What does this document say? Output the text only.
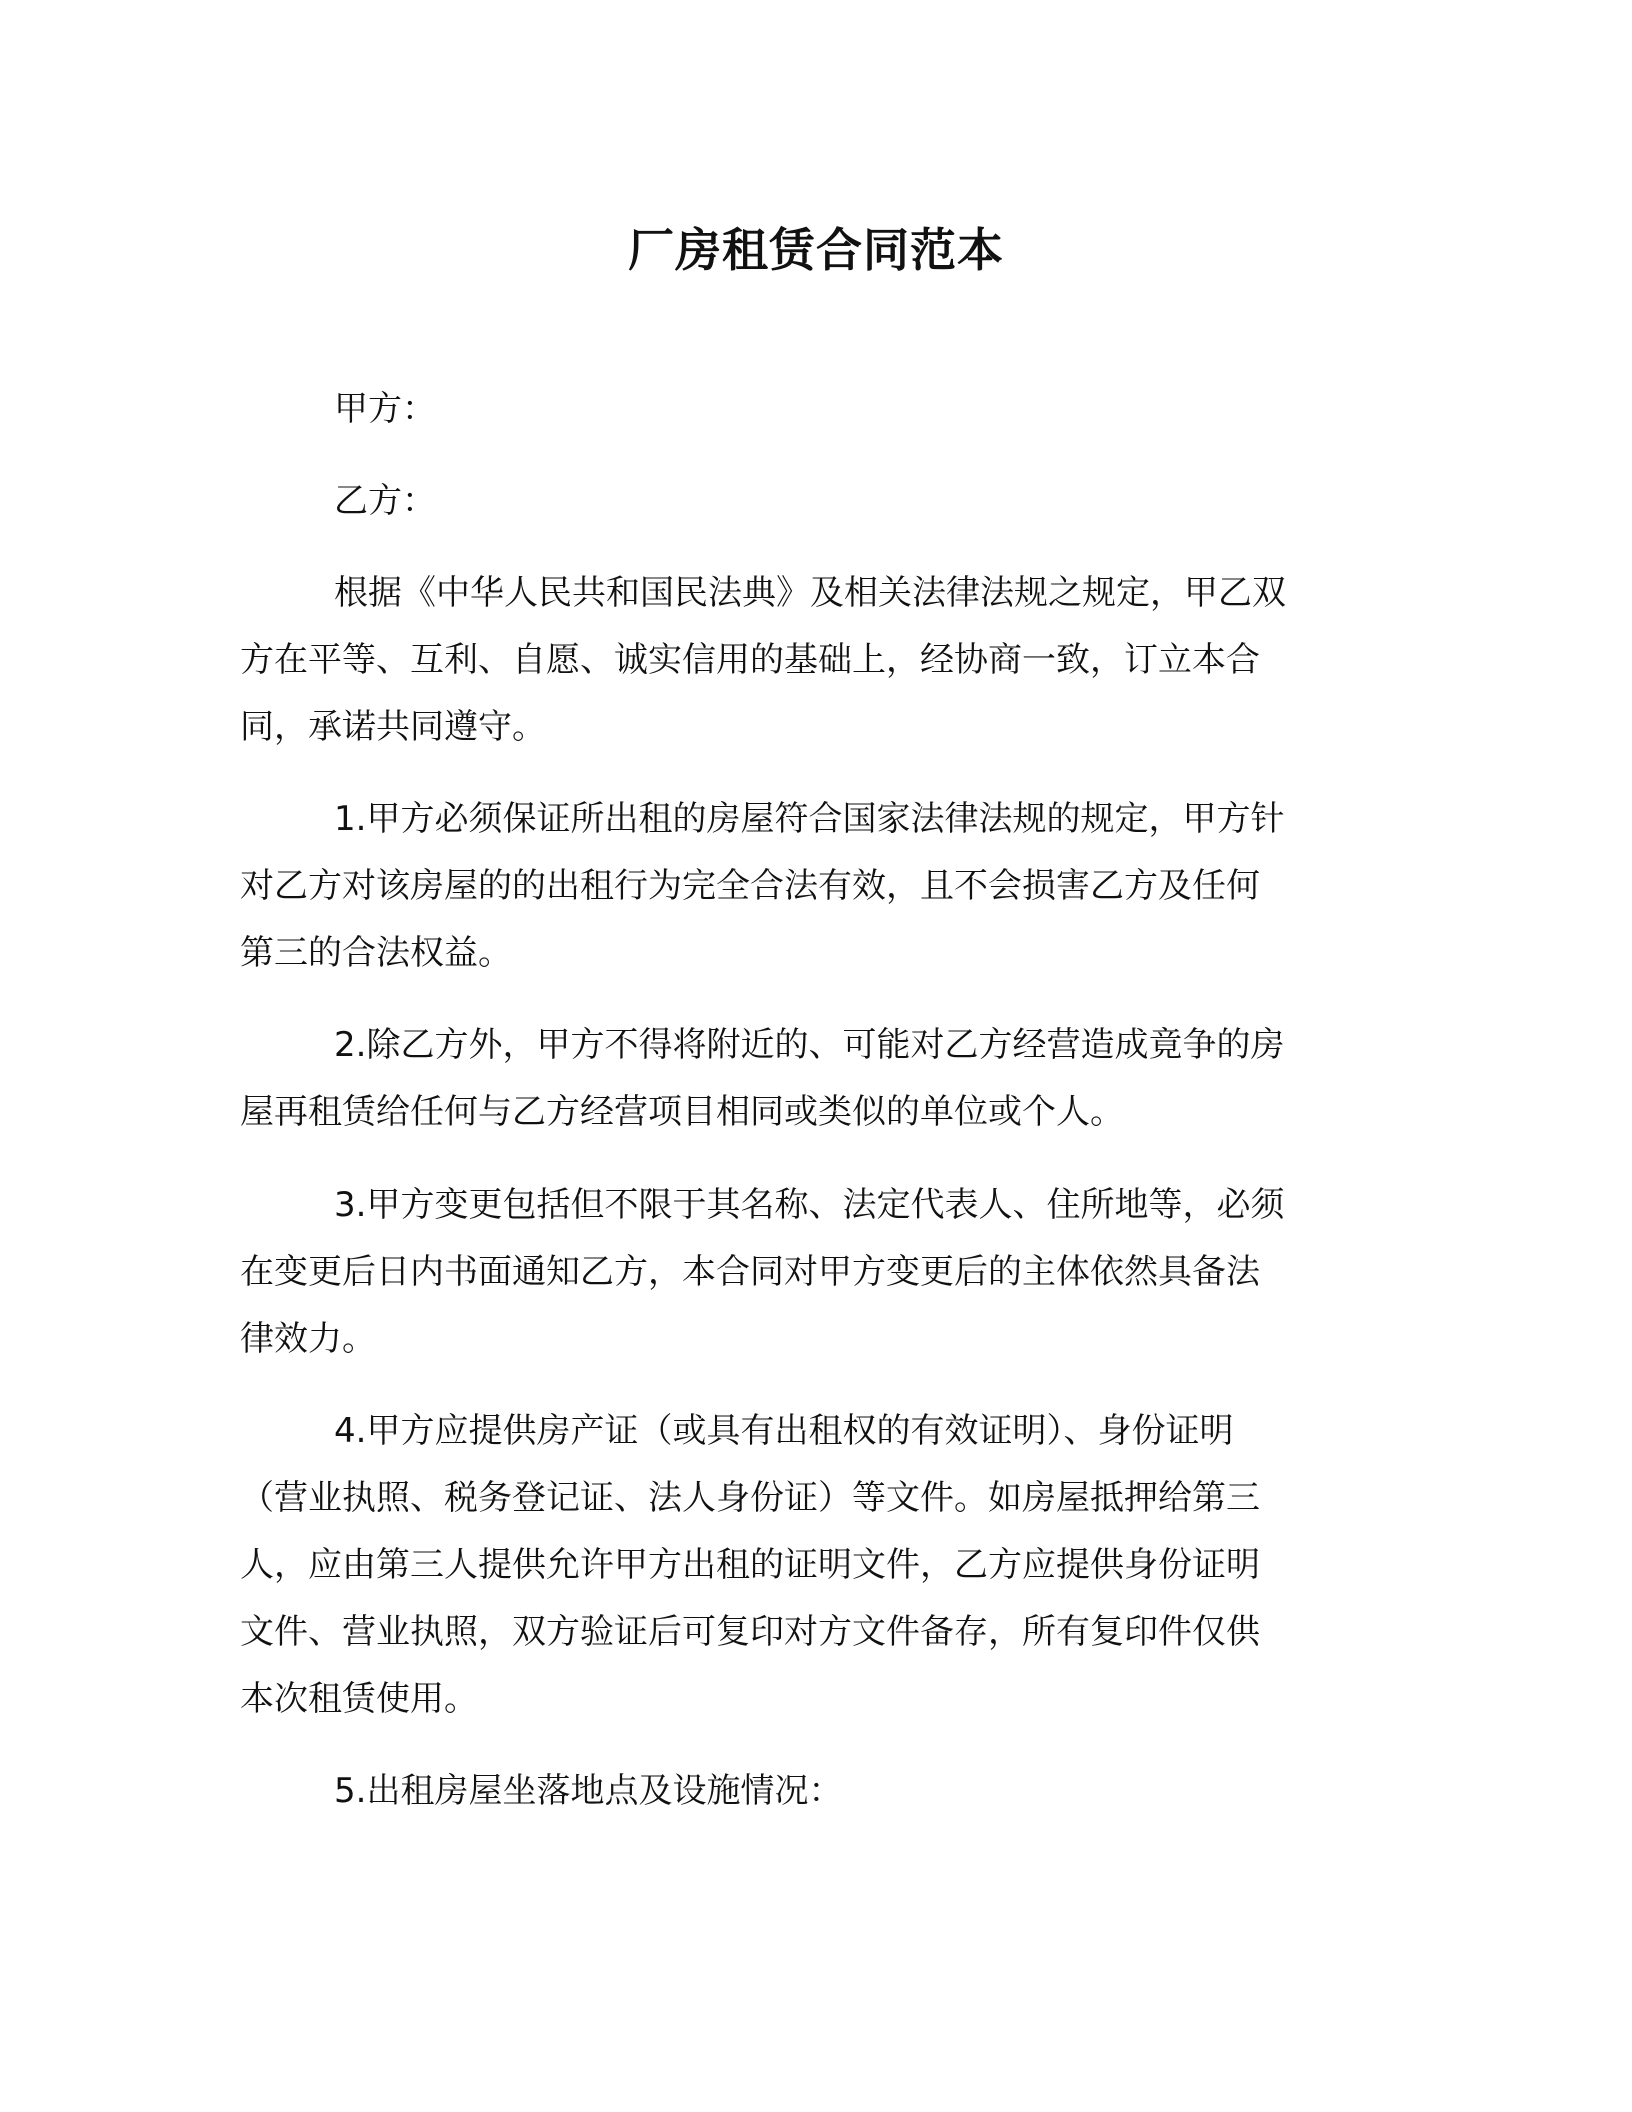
厂房租赁合同范本
甲方：
乙方：
根据《中华人民共和国民法典》及相关法律法规之规定，甲乙双
方在平等、互利、自愿、诚实信用的基础上，经协商一致，订立本合
同，承诺共同遵守。
1.甲方必须保证所出租的房屋符合国家法律法规的规定，甲方针
对乙方对该房屋的的出租行为完全合法有效，且不会损害乙方及任何
第三的合法权益。
2.除乙方外，甲方不得将附近的、可能对乙方经营造成竟争的房
屋再租赁给任何与乙方经营项目相同或类似的单位或个人。
3.甲方变更包括但不限于其名称、法定代表人、住所地等，必须
在变更后日内书面通知乙方，本合同对甲方变更后的主体依然具备法
律效力。
4.甲方应提供房产证（或具有出租权的有效证明）、身份证明
（营业执照、税务登记证、法人身份证）等文件。如房屋抵押给第三
人，应由第三人提供允许甲方出租的证明文件，乙方应提供身份证明
文件、营业执照，双方验证后可复印对方文件备存，所有复印件仅供
本次租赁使用。
5.出租房屋坐落地点及设施情况：
